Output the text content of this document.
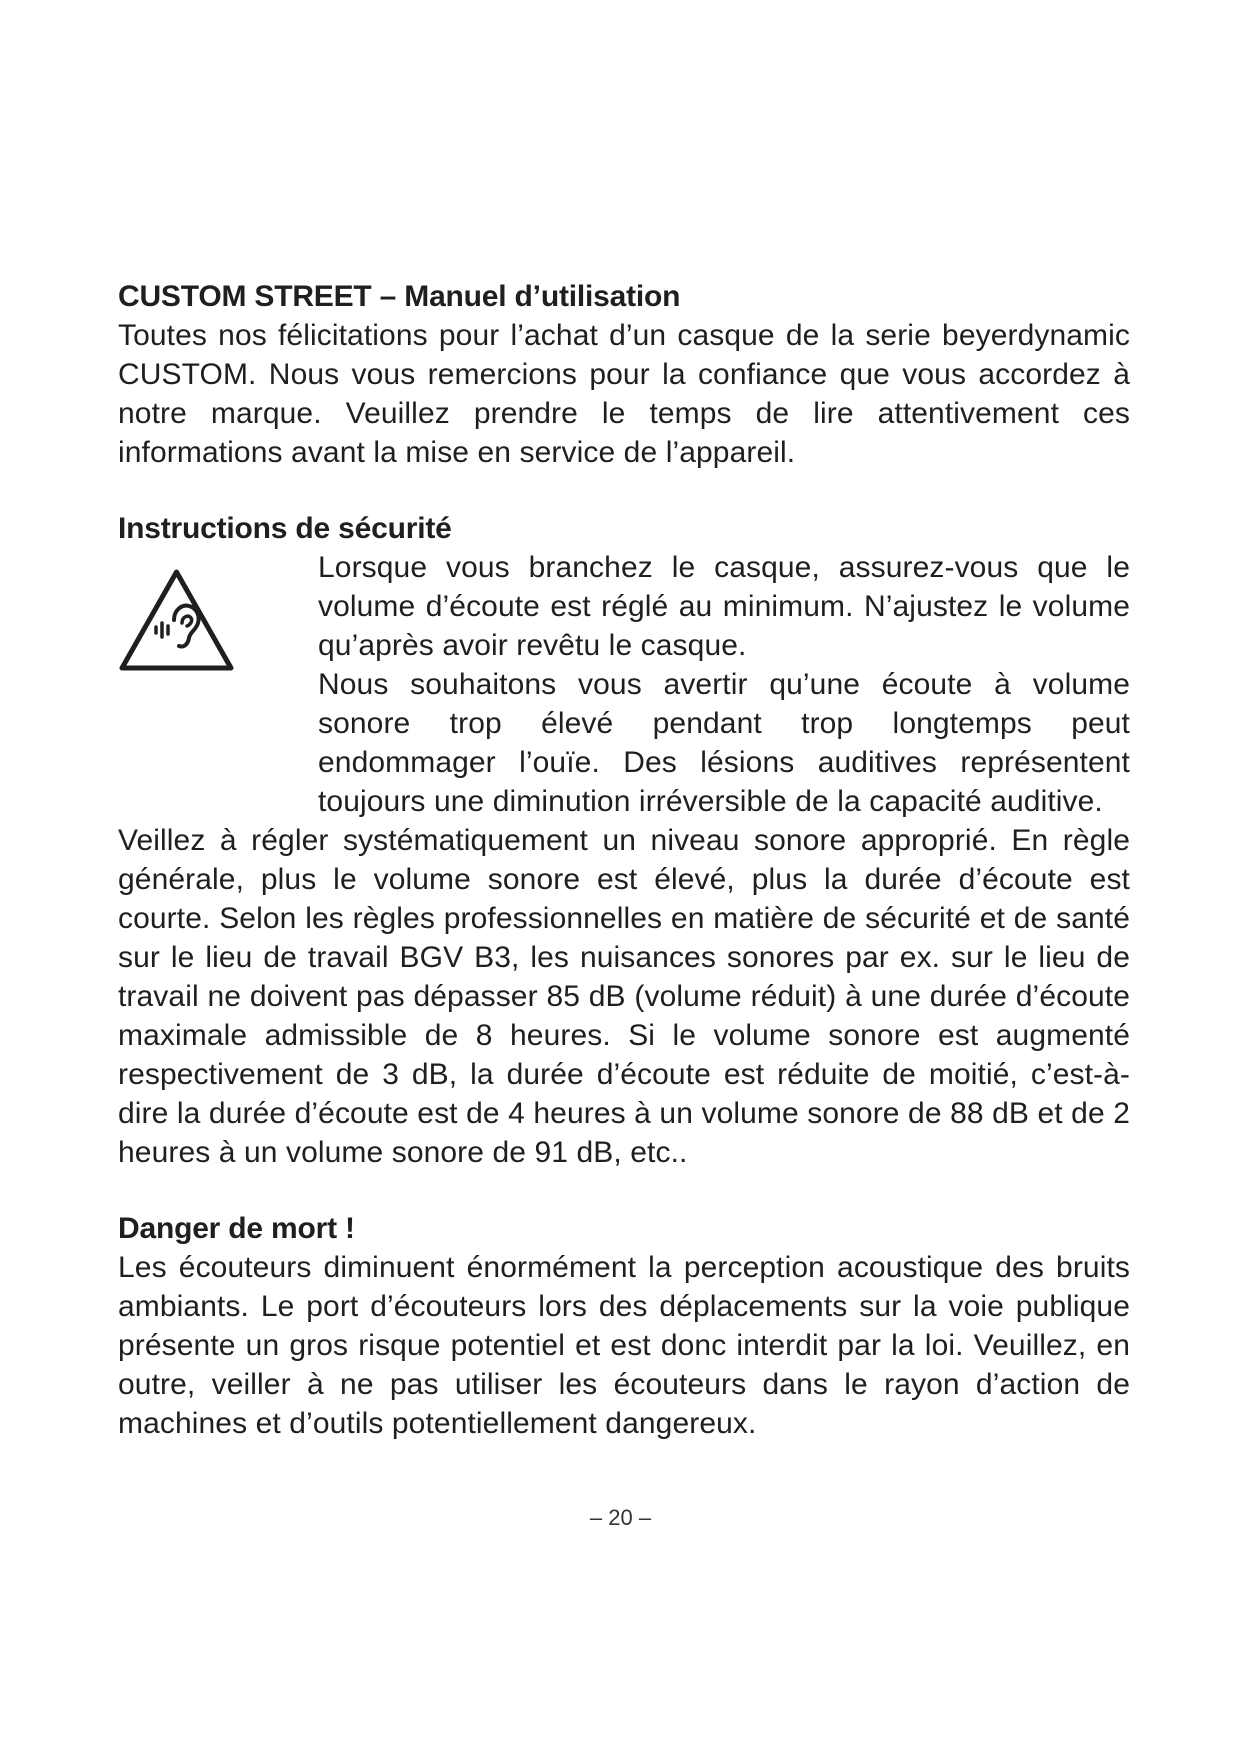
CUSTOM STREET – Manuel d’utilisation

Toutes nos félicitations pour l’achat d’un casque de la serie beyerdynamic CUSTOM. Nous vous remercions pour la confiance que vous accordez à notre marque. Veuillez prendre le temps de lire attentivement ces informations avant la mise en service de l’appareil.

Instructions de sécurité

Lorsque vous branchez le casque, assurez-vous que le volume d’écoute est réglé au minimum. N’ajustez le volume qu’après avoir revêtu le casque.

Nous souhaitons vous avertir qu’une écoute à volume sonore trop élevé pendant trop longtemps peut endommager l’ouïe. Des lésions auditives représentent toujours une diminution irréversible de la capacité auditive.

Veillez à régler systématiquement un niveau sonore approprié. En règle générale, plus le volume sonore est élevé, plus la durée d’écoute est courte. Selon les règles professionnelles en matière de sécurité et de santé sur le lieu de travail BGV B3, les nuisances sonores par ex. sur le lieu de travail ne doivent pas dépasser 85 dB (volume réduit) à une durée d’écoute maximale admissible de 8 heures. Si le volume sonore est augmenté respectivement de 3 dB, la durée d’écoute est réduite de moitié, c’est-à-dire la durée d’écoute est de 4 heures à un volume sonore de 88 dB et de 2 heures à un volume sonore de 91 dB, etc..

Danger de mort !

Les écouteurs diminuent énormément la perception acoustique des bruits ambiants. Le port d’écouteurs lors des déplacements sur la voie publique présente un gros risque potentiel et est donc interdit par la loi. Veuillez, en outre, veiller à ne pas utiliser les écouteurs dans le rayon d’action de machines et d’outils potentiellement dangereux.

– 20 –
